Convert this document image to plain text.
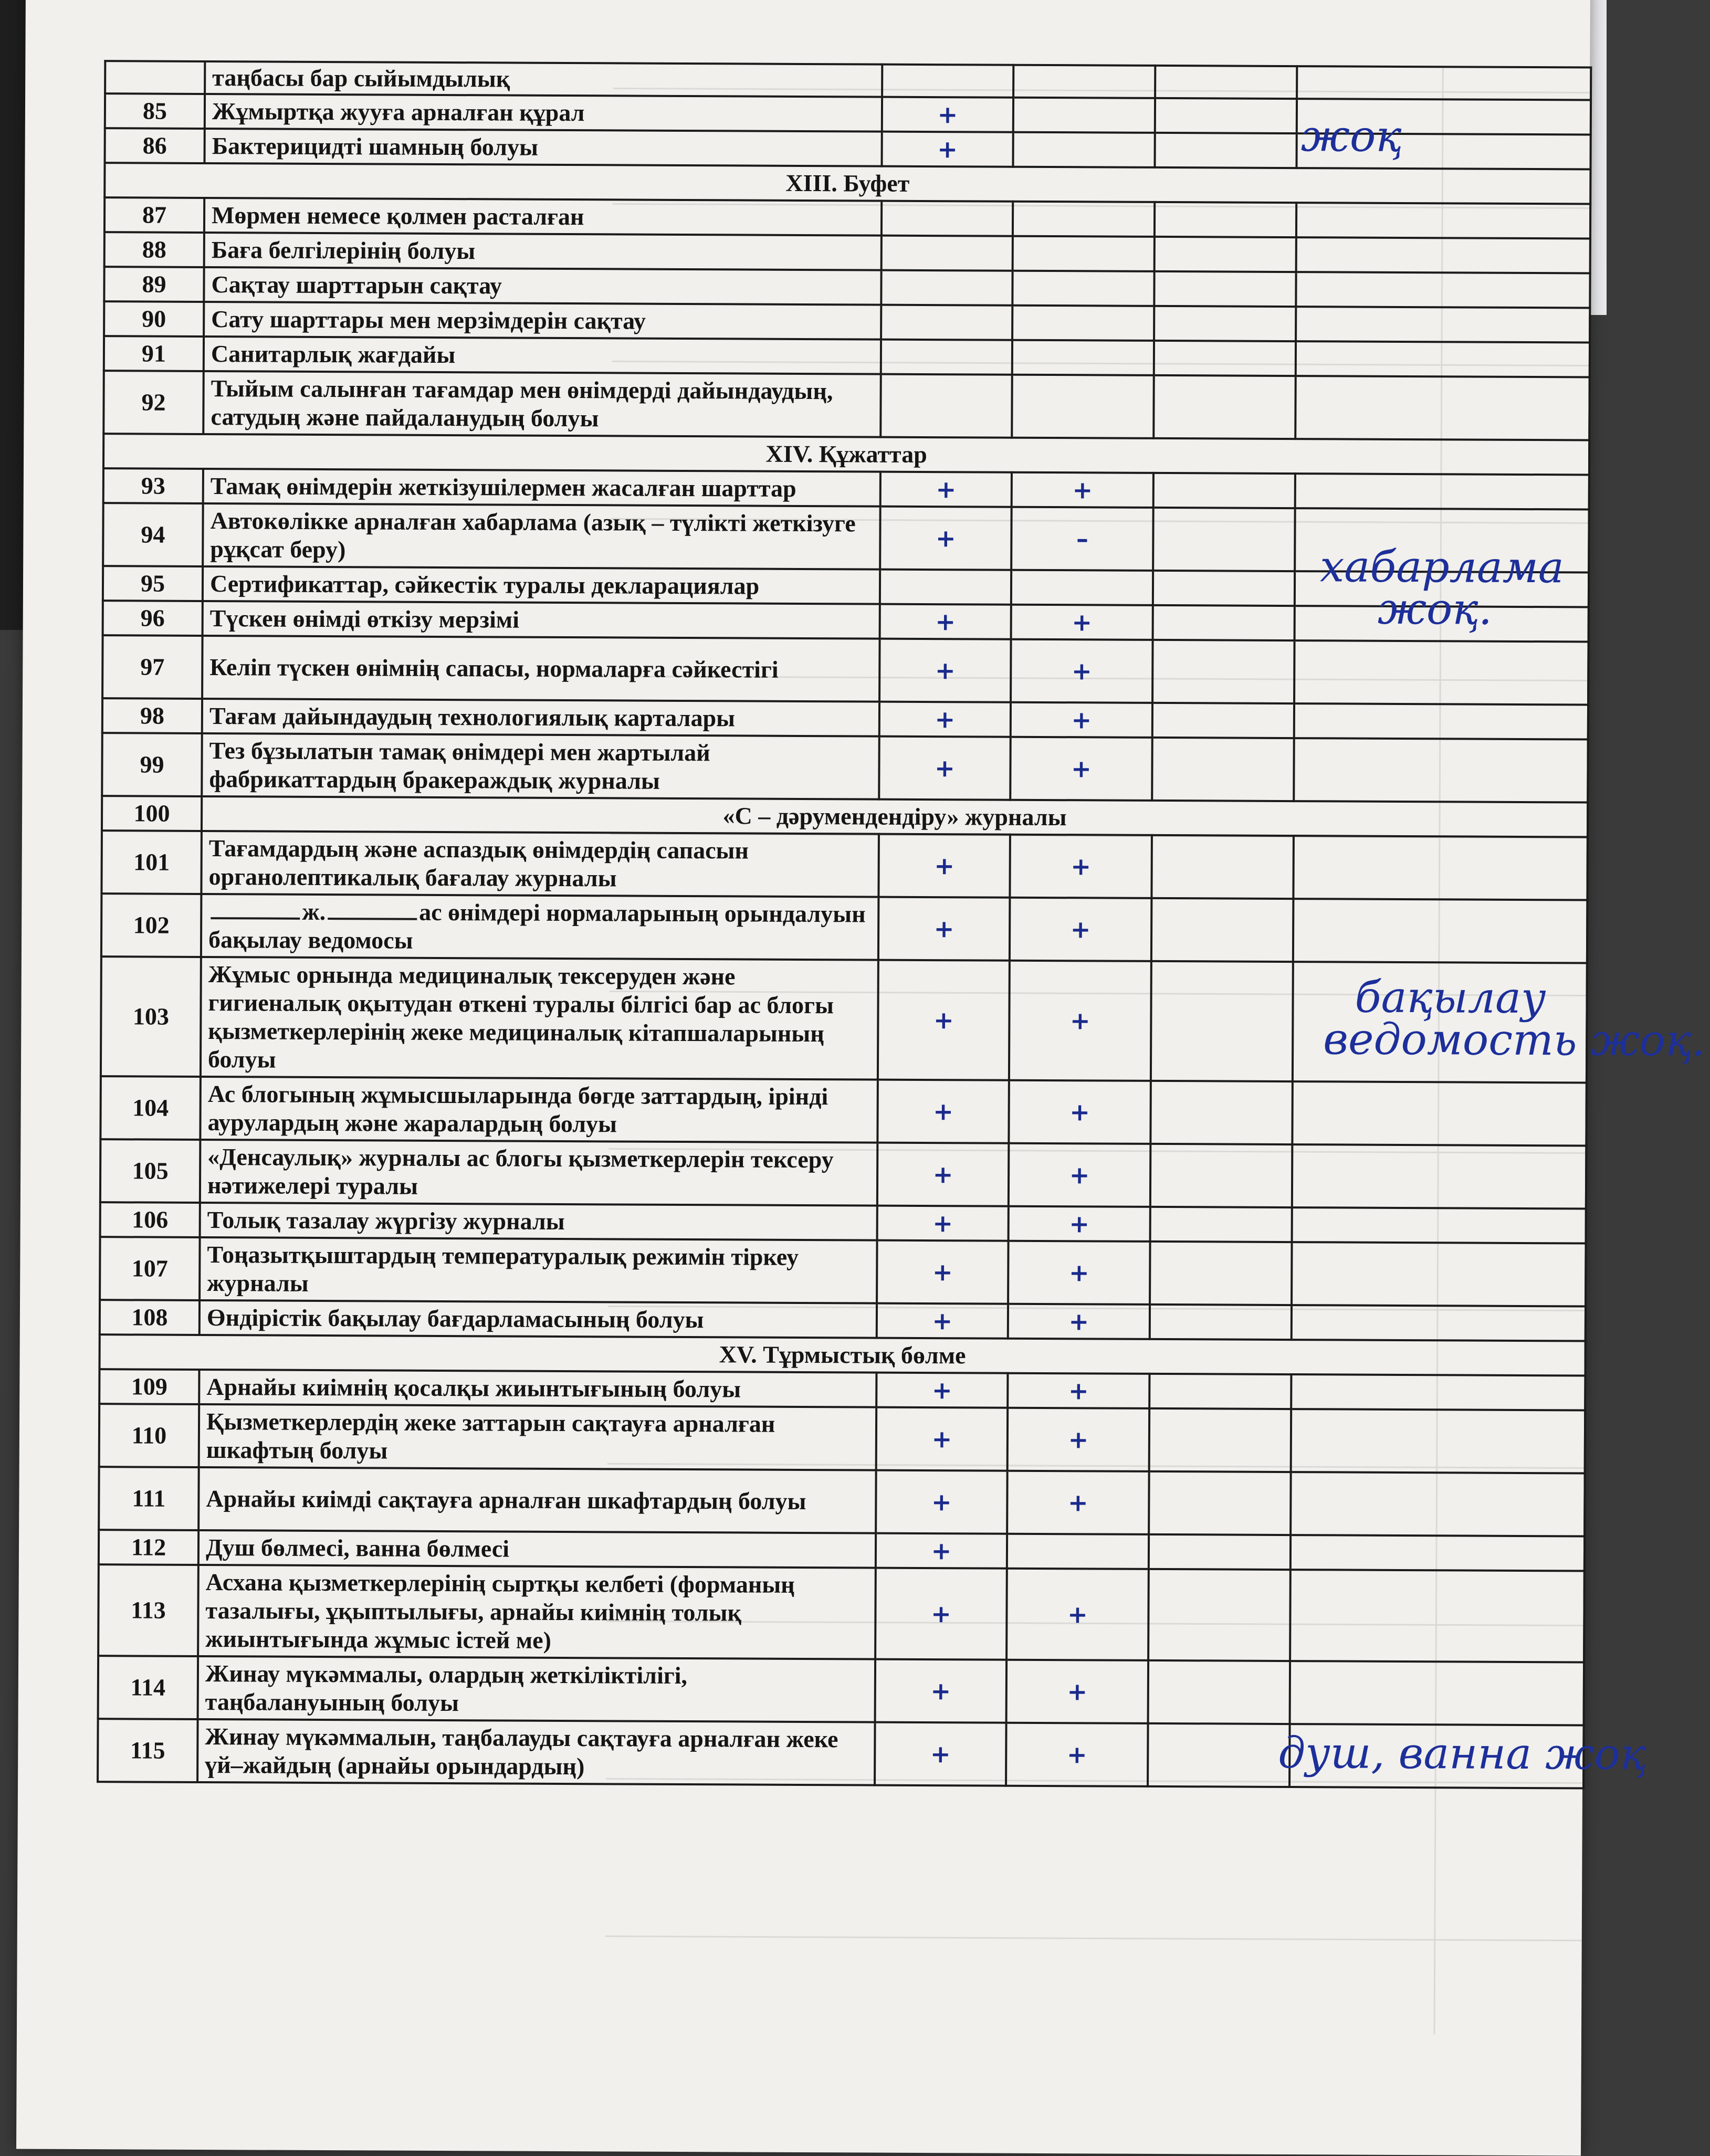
	таңбасы бар сыйымдылық				
85	Жұмыртқа жууға арналған құрал	+			
86	Бактерицидті шамның болуы	+			
XIII. Буфет					
87	Мөрмен немесе қолмен расталған				
88	Баға белгілерінің болуы				
89	Сақтау шарттарын сақтау				
90	Сату шарттары мен мерзімдерін сақтау				
91	Санитарлық жағдайы				
92	Тыйым салынған тағамдар мен өнімдерді дайындаудың, сатудың және пайдаланудың болуы				
XIV. Құжаттар					
93	Тамақ өнімдерін жеткізушілермен жасалған шарттар	+	+		
94	Автокөлікке арналған хабарлама (азық – түлікті жеткізуге рұқсат беру)	+	–		
95	Сертификаттар, сәйкестік туралы декларациялар				
96	Түскен өнімді өткізу мерзімі	+	+		
97	Келіп түскен өнімнің сапасы, нормаларға сәйкестігі	+	+		
98	Тағам дайындаудың технологиялық карталары	+	+		
99	Тез бұзылатын тамақ өнімдері мен жартылай фабрикаттардың бракераждық журналы	+	+		
100	«С – дәрумендендіру» журналы				
101	Тағамдардың және аспаздық өнімдердің сапасын органолептикалық бағалау журналы	+	+		
102	ж. ас өнімдері нормаларының орындалуын бақылау ведомосы	+	+		
103	Жұмыс орнында медициналық тексеруден және гигиеналық оқытудан өткені туралы білгісі бар ас блогы қызметкерлерінің жеке медициналық кітапшаларының болуы	+	+		
104	Ас блогының жұмысшыларында бөгде заттардың, ірінді аурулардың және жаралардың болуы	+	+		
105	«Денсаулық» журналы ас блогы қызметкерлерін тексеру нәтижелері туралы	+	+		
106	Толық тазалау жүргізу журналы	+	+		
107	Тоңазытқыштардың температуралық режимін тіркеу журналы	+	+		
108	Өндірістік бақылау бағдарламасының болуы	+	+		
XV. Тұрмыстық бөлме					
109	Арнайы киімнің қосалқы жиынтығының болуы	+	+		
110	Қызметкерлердің жеке заттарын сақтауға арналған шкафтың болуы	+	+		
111	Арнайы киімді сақтауға арналған шкафтардың болуы	+	+		
112	Душ бөлмесі, ванна бөлмесі	+			
113	Асхана қызметкерлерінің сыртқы келбеті (форманың тазалығы, ұқыптылығы, арнайы киімнің толық жиынтығында жұмыс істей ме)	+	+		
114	Жинау мүкәммалы, олардың жеткіліктілігі, таңбалануының болуы	+	+		
115	Жинау мүкәммалын, таңбалауды сақтауға арналған жеке үй–жайдың (арнайы орындардың)	+	+		
жоқ
хабарлама
жоқ.
бақылау
ведомость жоқ.
душ, ванна жоқ
